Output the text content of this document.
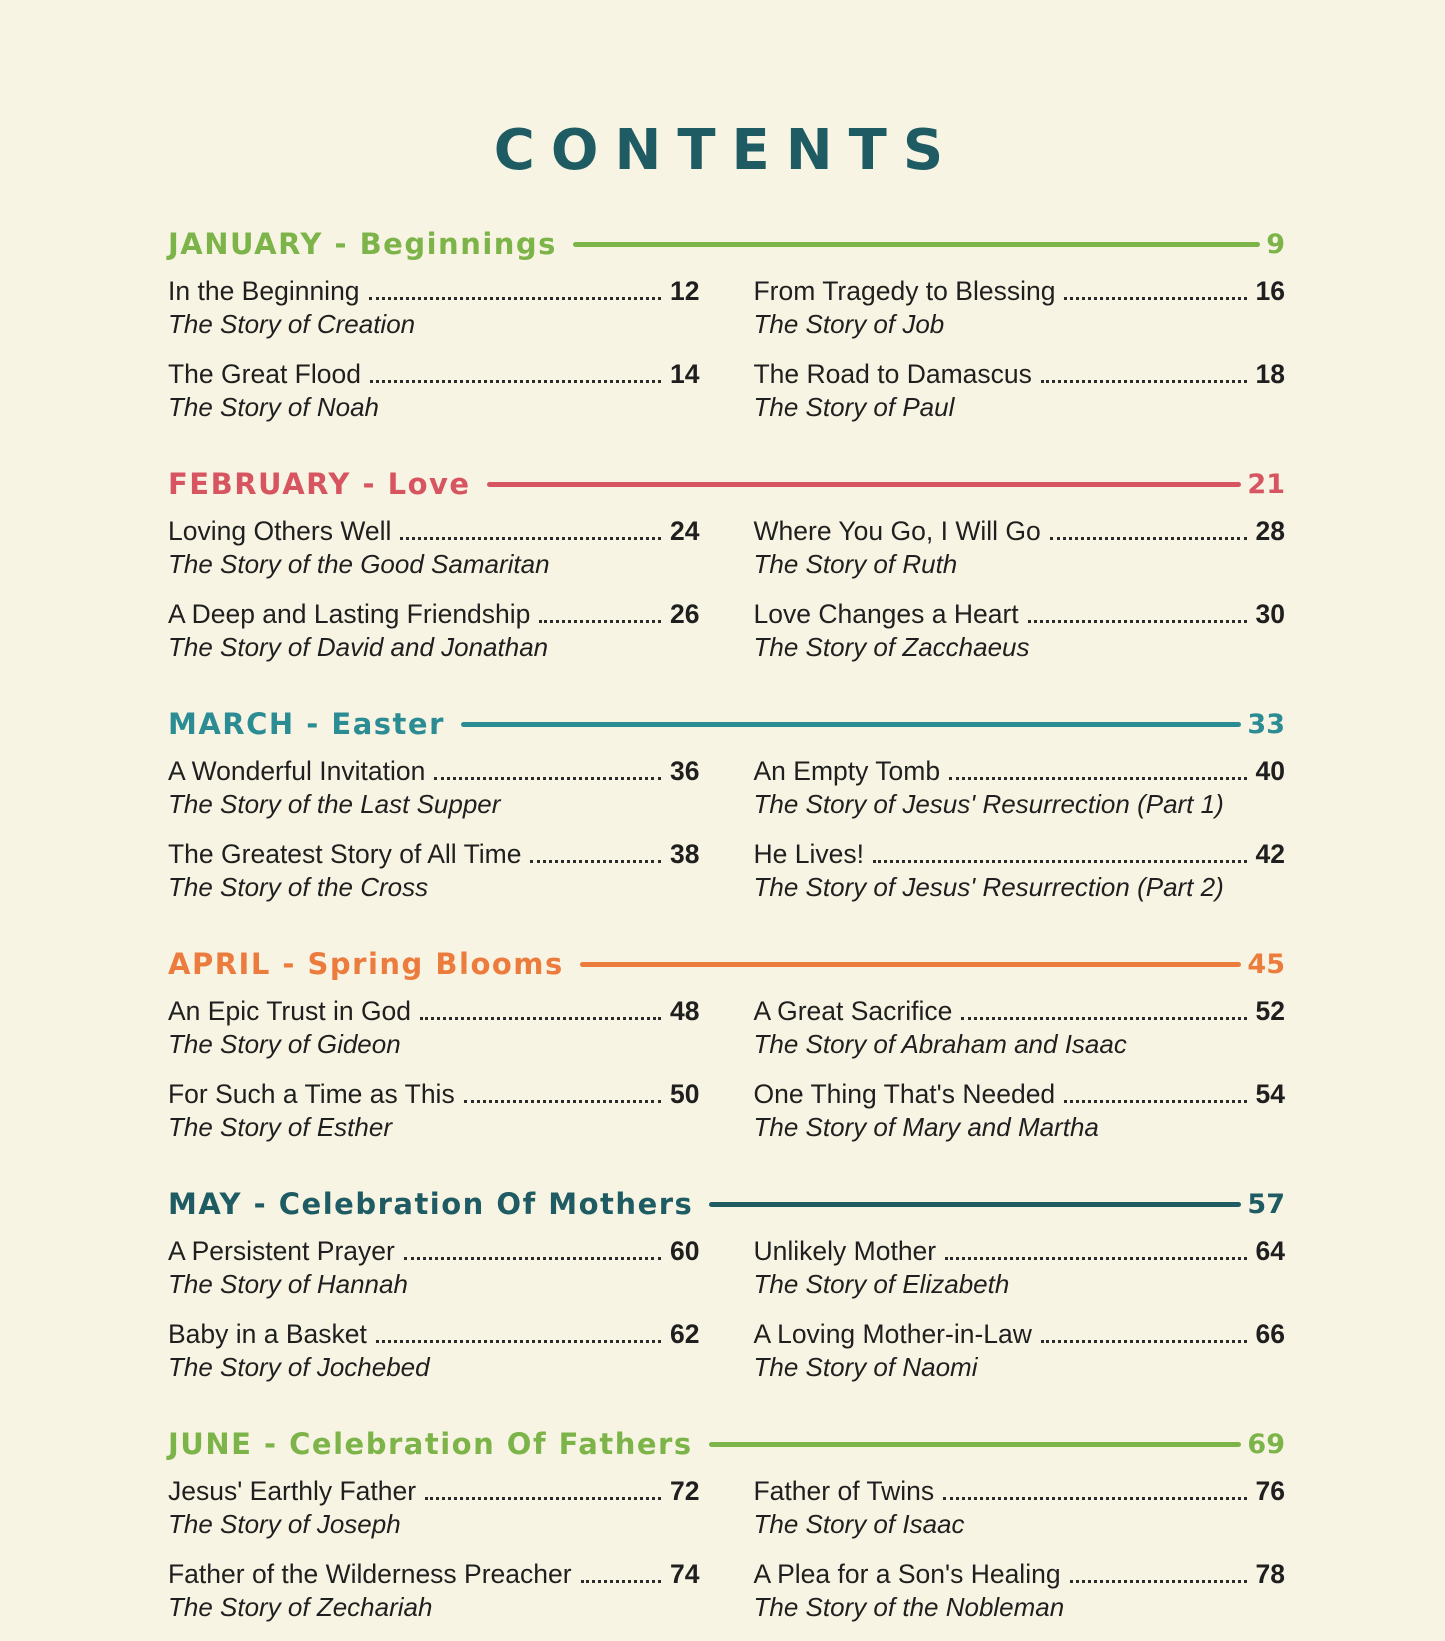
CONTENTS
JANUARY - Beginnings	9
In the Beginning	12
The Story of Creation
The Great Flood	14
The Story of Noah
From Tragedy to Blessing	16
The Story of Job
The Road to Damascus	18
The Story of Paul
FEBRUARY - Love	21
Loving Others Well	24
The Story of the Good Samaritan
A Deep and Lasting Friendship	26
The Story of David and Jonathan
Where You Go, I Will Go	28
The Story of Ruth
Love Changes a Heart	30
The Story of Zacchaeus
MARCH - Easter	33
A Wonderful Invitation	36
The Story of the Last Supper
The Greatest Story of All Time	38
The Story of the Cross
An Empty Tomb	40
The Story of Jesus' Resurrection (Part 1)
He Lives!	42
The Story of Jesus' Resurrection (Part 2)
APRIL - Spring Blooms	45
An Epic Trust in God	48
The Story of Gideon
For Such a Time as This	50
The Story of Esther
A Great Sacrifice	52
The Story of Abraham and Isaac
One Thing That's Needed	54
The Story of Mary and Martha
MAY - Celebration Of Mothers	57
A Persistent Prayer	60
The Story of Hannah
Baby in a Basket	62
The Story of Jochebed
Unlikely Mother	64
The Story of Elizabeth
A Loving Mother-in-Law	66
The Story of Naomi
JUNE - Celebration Of Fathers	69
Jesus' Earthly Father	72
The Story of Joseph
Father of the Wilderness Preacher	74
The Story of Zechariah
Father of Twins	76
The Story of Isaac
A Plea for a Son's Healing	78
The Story of the Nobleman
